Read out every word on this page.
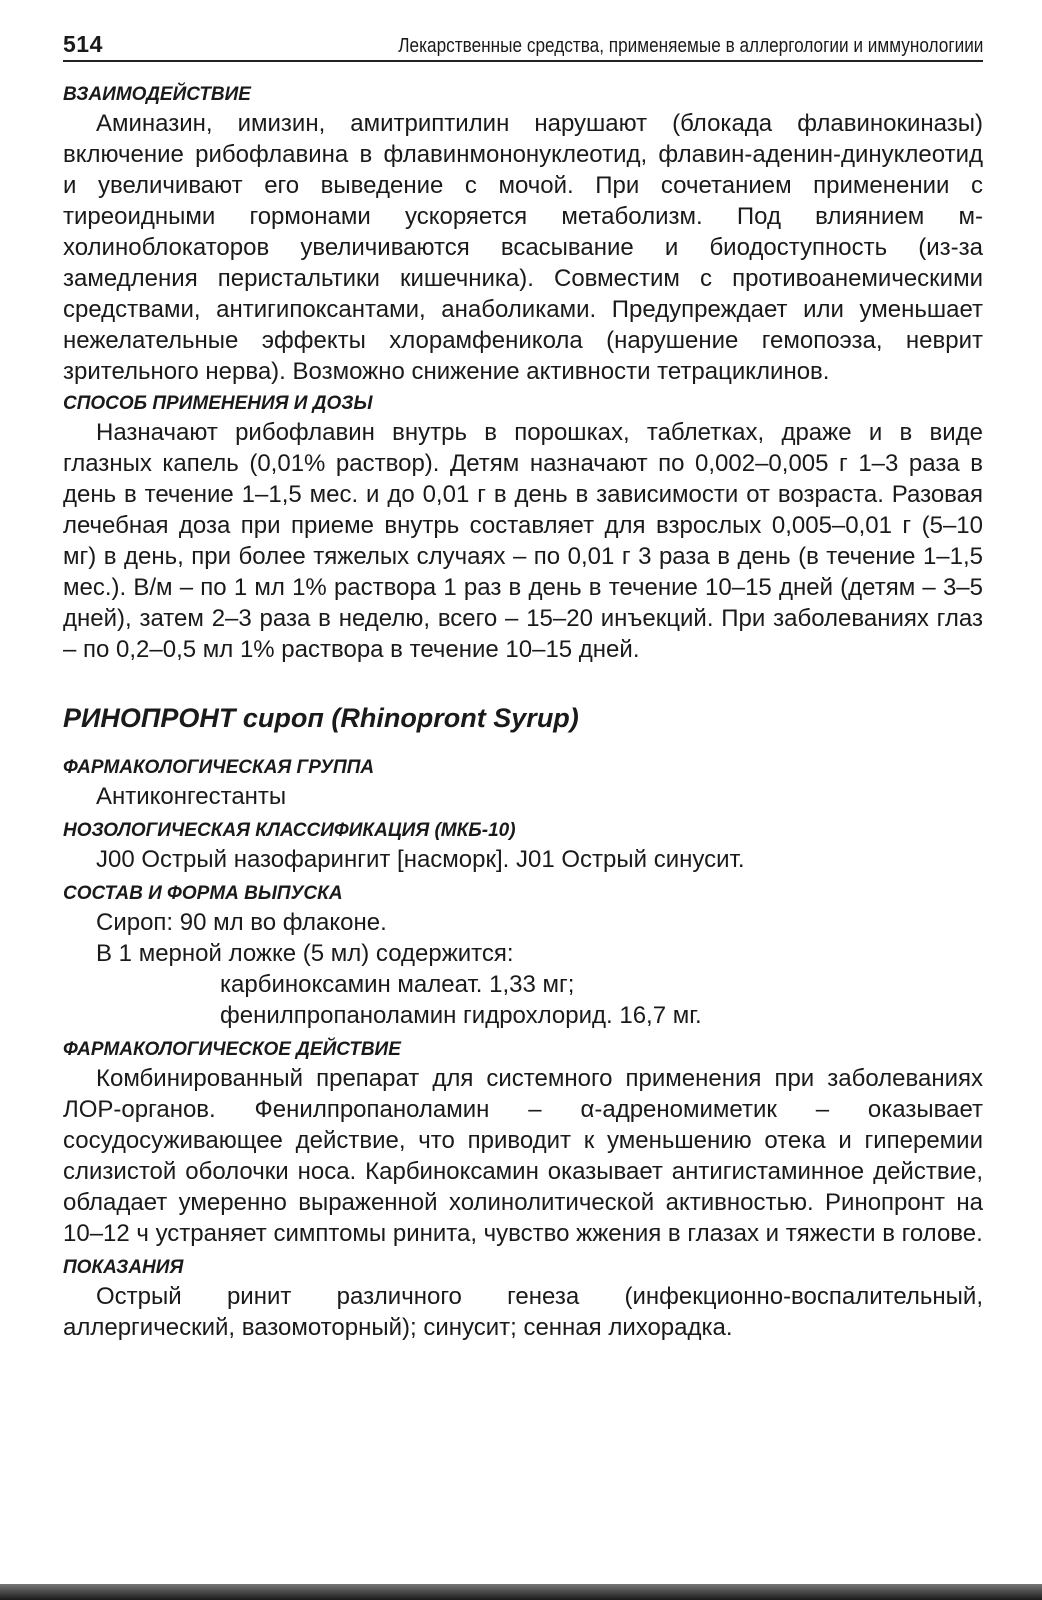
514	Лекарственные средства, применяемые в аллергологии и иммунологиии
ВЗАИМОДЕЙСТВИЕ

Аминазин, имизин, амитриптилин нарушают (блокада флавинокиназы) включение рибофлавина в флавинмононуклеотид, флавин-аденин-динуклеотид и увеличивают его выведение с мочой. При сочетанием применении с тиреоидными гормонами ускоряется метаболизм. Под влиянием м-холиноблокаторов увеличиваются всасывание и биодоступность (из-за замедления перистальтики кишечника). Совместим с противоанемическими средствами, антигипоксантами, анаболиками. Предупреждает или уменьшает нежелательные эффекты хлорамфеникола (нарушение гемопоэза, неврит зрительного нерва). Возможно снижение активности тетрациклинов.

СПОСОБ ПРИМЕНЕНИЯ И ДОЗЫ

Назначают рибофлавин внутрь в порошках, таблетках, драже и в виде глазных капель (0,01% раствор). Детям назначают по 0,002–0,005 г 1–3 раза в день в течение 1–1,5 мес. и до 0,01 г в день в зависимости от возраста. Разовая лечебная доза при приеме внутрь составляет для взрослых 0,005–0,01 г (5–10 мг) в день, при более тяжелых случаях – по 0,01 г 3 раза в день (в течение 1–1,5 мес.). В/м – по 1 мл 1% раствора 1 раз в день в течение 10–15 дней (детям – 3–5 дней), затем 2–3 раза в неделю, всего – 15–20 инъекций. При заболеваниях глаз – по 0,2–0,5 мл 1% раствора в течение 10–15 дней.

РИНОПРОНТ сироп (Rhinopront Syrup)
ФАРМАКОЛОГИЧЕСКАЯ ГРУППА

Антиконгестанты

НОЗОЛОГИЧЕСКАЯ КЛАССИФИКАЦИЯ (МКБ-10)

J00 Острый назофарингит [насморк]. J01 Острый синусит.

СОСТАВ И ФОРМА ВЫПУСКА

Сироп: 90 мл во флаконе.

В 1 мерной ложке (5 мл) содержится:

карбиноксамин малеат. 1,33 мг;

фенилпропаноламин гидрохлорид. 16,7 мг.

ФАРМАКОЛОГИЧЕСКОЕ ДЕЙСТВИЕ

Комбинированный препарат для системного применения при заболеваниях ЛОР-органов. Фенилпропаноламин – α-адреномиметик – оказывает сосудосуживающее действие, что приводит к уменьшению отека и гиперемии слизистой оболочки носа. Карбиноксамин оказывает антигистаминное действие, обладает умеренно выраженной холинолитической активностью. Ринопронт на 10–12 ч устраняет симптомы ринита, чувство жжения в глазах и тяжести в голове.

ПОКАЗАНИЯ

Острый ринит различного генеза (инфекционно-воспалительный, аллергический, вазомоторный); синусит; сенная лихорадка.
